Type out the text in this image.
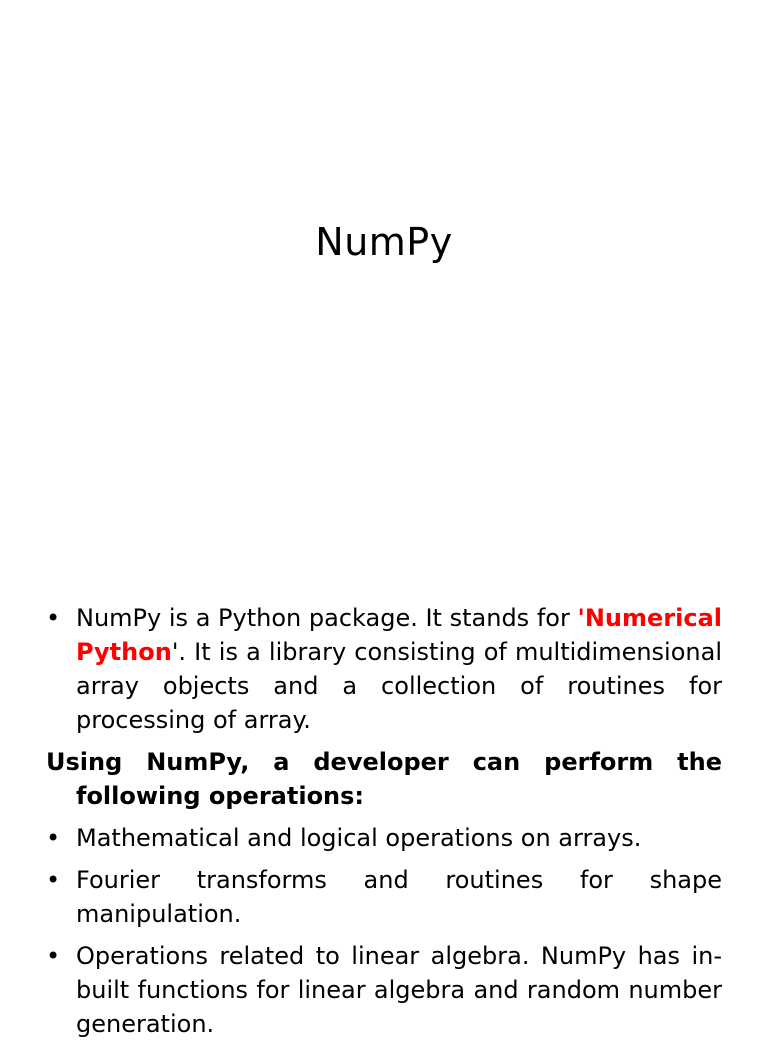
NumPy
• NumPy is a Python package. It stands for 'Numerical Python'. It is a library consisting of multidimensional array objects and a collection of routines for processing of array.
Using NumPy, a developer can perform the following operations:
• Mathematical and logical operations on arrays.
• Fourier transforms and routines for shape manipulation.
• Operations related to linear algebra. NumPy has in-built functions for linear algebra and random number generation.
